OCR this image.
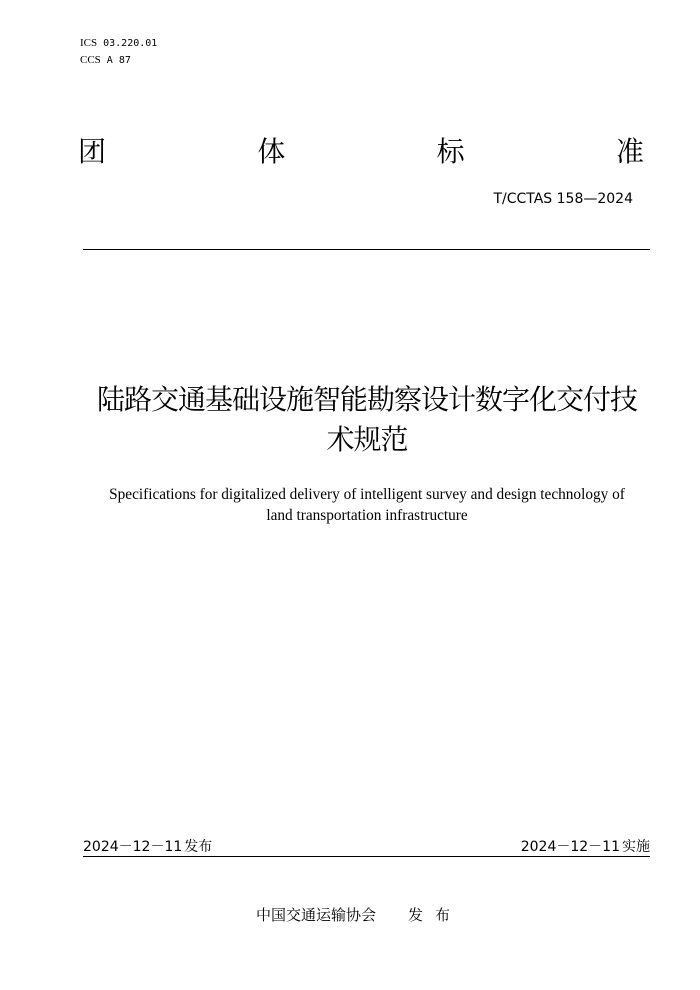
ICS 03.220.01
CCS A 87
团	体	标	准
T/CCTAS 158—2024
陆路交通基础设施智能勘察设计数字化交付技
术规范
Specifications for digitalized delivery of intelligent survey and design technology of
land transportation infrastructure
2024－12－11 发布	2024－12－11 实施
中国交通运输协会 发布
